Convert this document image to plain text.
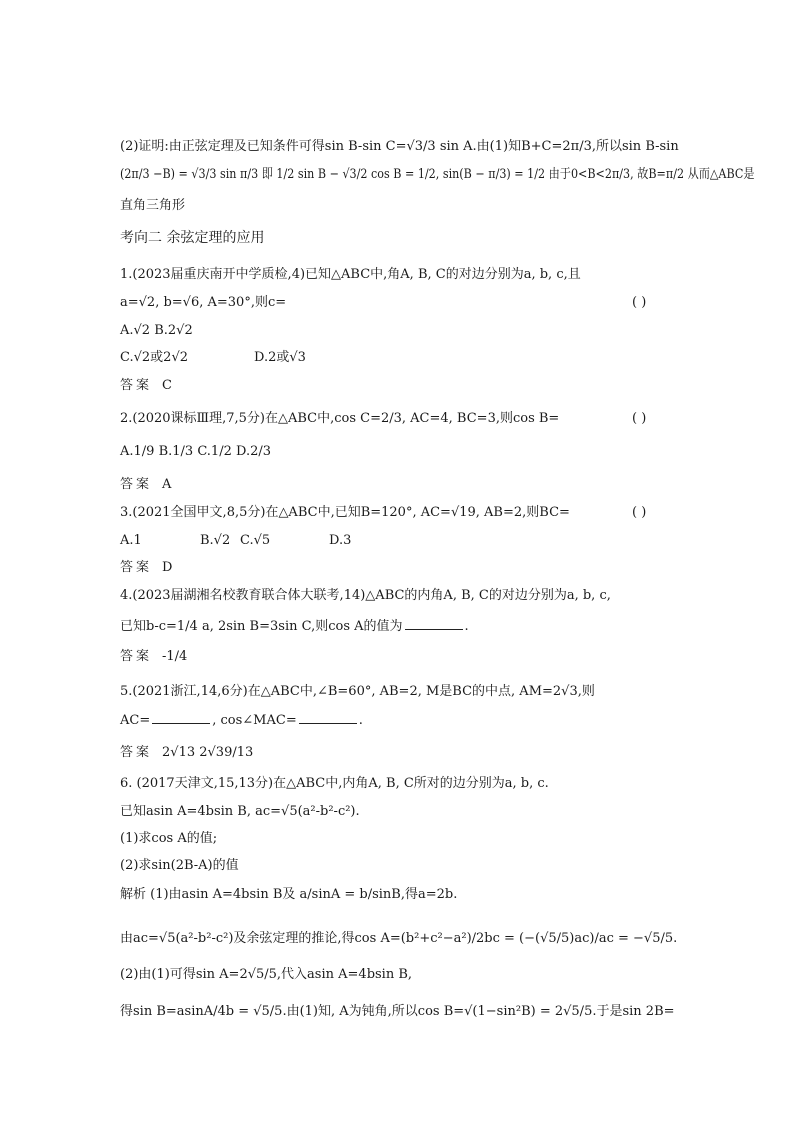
(2)证明:由正弦定理及已知条件可得sin B-sin C=√3/3 sin A.由(1)知B+C=2π/3,所以sin B-sin
(2π/3 −B) = √3/3 sin π/3 即 1/2 sin B − √3/2 cos B = 1/2, sin(B − π/3) = 1/2 由于0<B<2π/3, 故B=π/2 从而△ABC是
直角三角形
考向二 余弦定理的应用
1.(2023届重庆南开中学质检,4)已知△ABC中,角A, B, C的对边分别为a, b, c,且
a=√2, b=√6, A=30°,则c=	( )
A.√2 B.2√2
C.√2或2√2	D.2或√3
答案 C
2.(2020课标Ⅲ理,7,5分)在△ABC中,cos C=2/3, AC=4, BC=3,则cos B=	( )
A.1/9 B.1/3 C.1/2 D.2/3
答案 A
3.(2021全国甲文,8,5分)在△ABC中,已知B=120°, AC=√19, AB=2,则BC=	( )
A.1	B.√2 C.√5	D.3
答案 D
4.(2023届湖湘名校教育联合体大联考,14)△ABC的内角A, B, C的对边分别为a, b, c,
已知b-c=1/4 a, 2sin B=3sin C,则cos A的值为	.
答案 -1/4
5.(2021浙江,14,6分)在△ABC中,∠B=60°, AB=2, M是BC的中点, AM=2√3,则
AC=	, cos∠MAC=	.
答案 2√13 2√39/13
6. (2017天津文,15,13分)在△ABC中,内角A, B, C所对的边分别为a, b, c.
已知asin A=4bsin B, ac=√5(a²-b²-c²).
(1)求cos A的值;
(2)求sin(2B-A)的值
解析 (1)由asin A=4bsin B及 a/sinA = b/sinB,得a=2b.
由ac=√5(a²-b²-c²)及余弦定理的推论,得cos A=(b²+c²−a²)/2bc = (−(√5/5)ac)/ac = −√5/5.
(2)由(1)可得sin A=2√5/5,代入asin A=4bsin B,
得sin B=asinA/4b = √5/5.由(1)知, A为钝角,所以cos B=√(1−sin²B) = 2√5/5.于是sin 2B=
